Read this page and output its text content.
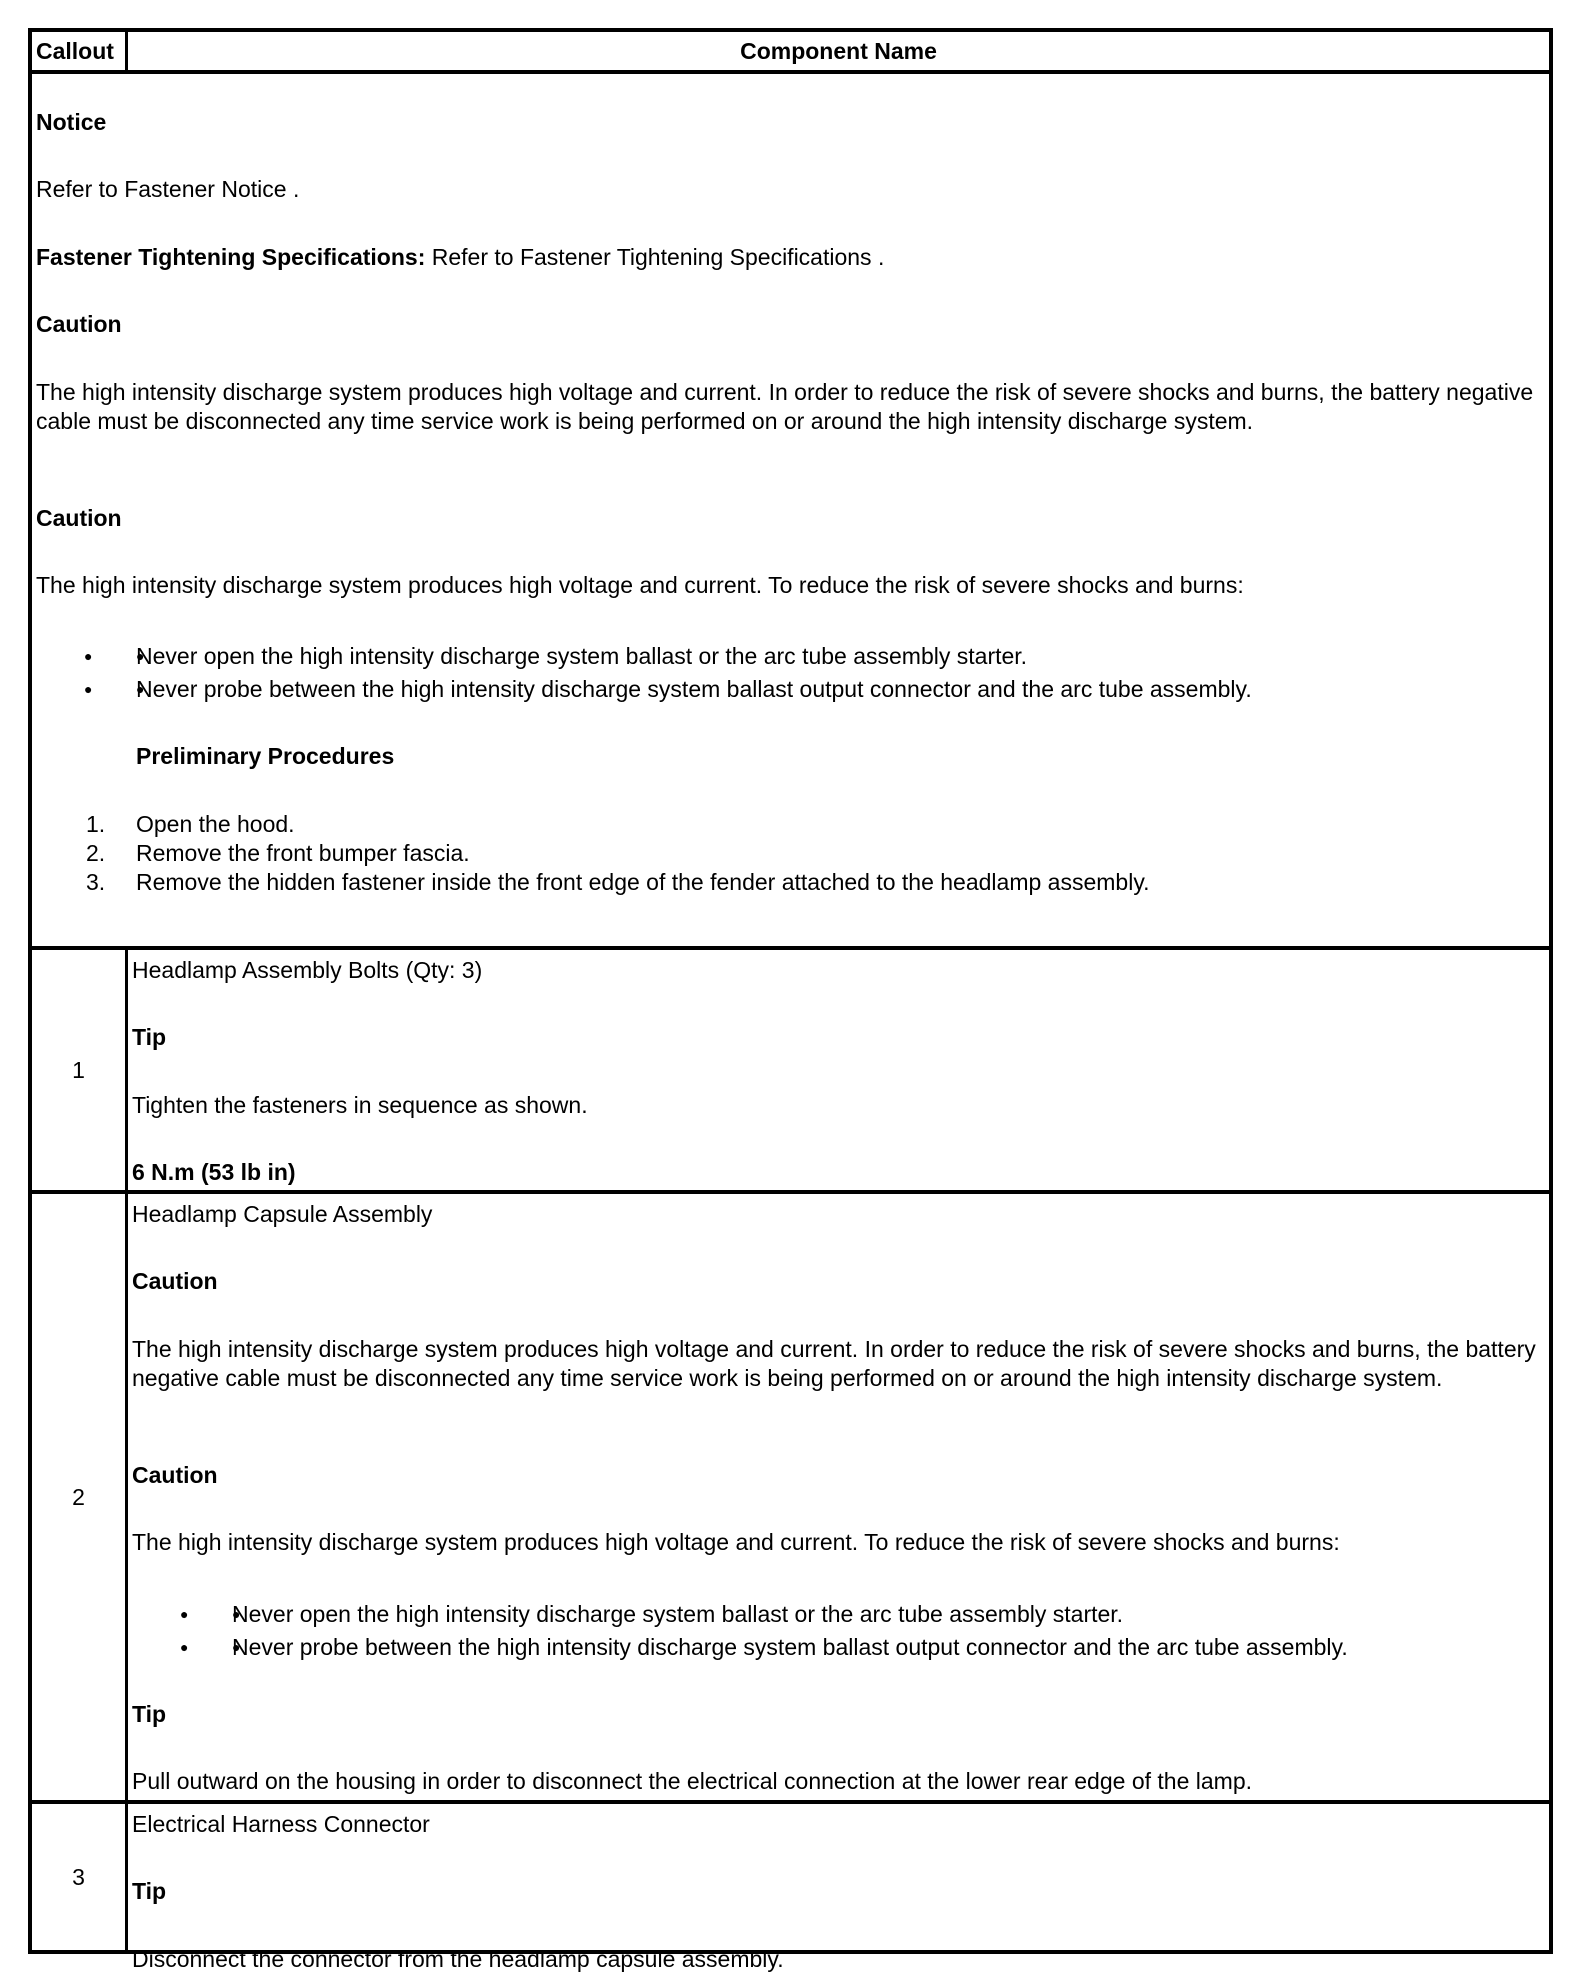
Callout	Component Name

Notice

Refer to Fastener Notice .

Fastener Tightening Specifications: Refer to Fastener Tightening Specifications .

Caution

The high intensity discharge system produces high voltage and current. In order to reduce the risk of severe shocks and burns, the battery negative cable must be disconnected any time service work is being performed on or around the high intensity discharge system.

Caution

The high intensity discharge system produces high voltage and current. To reduce the risk of severe shocks and burns:

● ● Never open the high intensity discharge system ballast or the arc tube assembly starter.
● ● Never probe between the high intensity discharge system ballast output connector and the arc tube assembly.

Preliminary Procedures

1. Open the hood.
2. Remove the front bumper fascia.
3. Remove the hidden fastener inside the front edge of the fender attached to the headlamp assembly.
1

Headlamp Assembly Bolts (Qty: 3)

Tip

Tighten the fasteners in sequence as shown.

6 N.m (53 lb in)

2

Headlamp Capsule Assembly

Caution

The high intensity discharge system produces high voltage and current. In order to reduce the risk of severe shocks and burns, the battery negative cable must be disconnected any time service work is being performed on or around the high intensity discharge system.

Caution

The high intensity discharge system produces high voltage and current. To reduce the risk of severe shocks and burns:

● ● Never open the high intensity discharge system ballast or the arc tube assembly starter.
● ● Never probe between the high intensity discharge system ballast output connector and the arc tube assembly.

Tip

Pull outward on the housing in order to disconnect the electrical connection at the lower rear edge of the lamp.

3

Electrical Harness Connector

Tip

Disconnect the connector from the headlamp capsule assembly.
